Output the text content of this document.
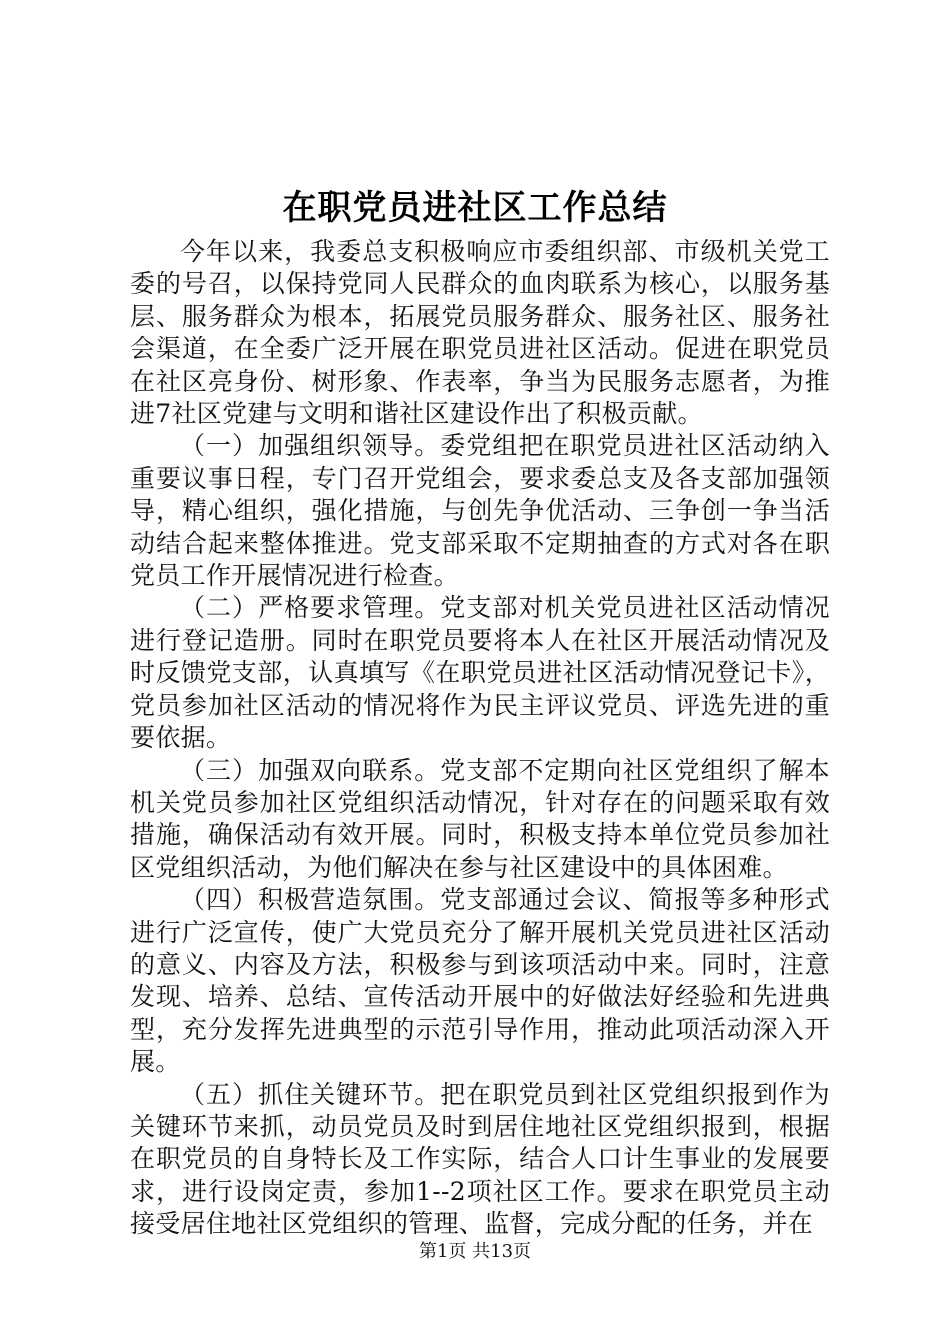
在职党员进社区工作总结

今年以来，我委总支积极响应市委组织部、市级机关党工委的号召，以保持党同人民群众的血肉联系为核心，以服务基层、服务群众为根本，拓展党员服务群众、服务社区、服务社会渠道，在全委广泛开展在职党员进社区活动。促进在职党员在社区亮身份、树形象、作表率，争当为民服务志愿者，为推进7社区党建与文明和谐社区建设作出了积极贡献。

（一）加强组织领导。委党组把在职党员进社区活动纳入重要议事日程，专门召开党组会，要求委总支及各支部加强领导，精心组织，强化措施，与创先争优活动、三争创一争当活动结合起来整体推进。党支部采取不定期抽查的方式对各在职党员工作开展情况进行检查。

（二）严格要求管理。党支部对机关党员进社区活动情况进行登记造册。同时在职党员要将本人在社区开展活动情况及时反馈党支部，认真填写《在职党员进社区活动情况登记卡》，党员参加社区活动的情况将作为民主评议党员、评选先进的重要依据。

（三）加强双向联系。党支部不定期向社区党组织了解本机关党员参加社区党组织活动情况，针对存在的问题采取有效措施，确保活动有效开展。同时，积极支持本单位党员参加社区党组织活动，为他们解决在参与社区建设中的具体困难。

（四）积极营造氛围。党支部通过会议、简报等多种形式进行广泛宣传，使广大党员充分了解开展机关党员进社区活动的意义、内容及方法，积极参与到该项活动中来。同时，注意发现、培养、总结、宣传活动开展中的好做法好经验和先进典型，充分发挥先进典型的示范引导作用，推动此项活动深入开展。

（五）抓住关键环节。把在职党员到社区党组织报到作为关键环节来抓，动员党员及时到居住地社区党组织报到，根据在职党员的自身特长及工作实际，结合人口计生事业的发展要求，进行设岗定责，参加1--2项社区工作。要求在职党员主动接受居住地社区党组织的管理、监督，完成分配的任务，并在

第1页 共13页
